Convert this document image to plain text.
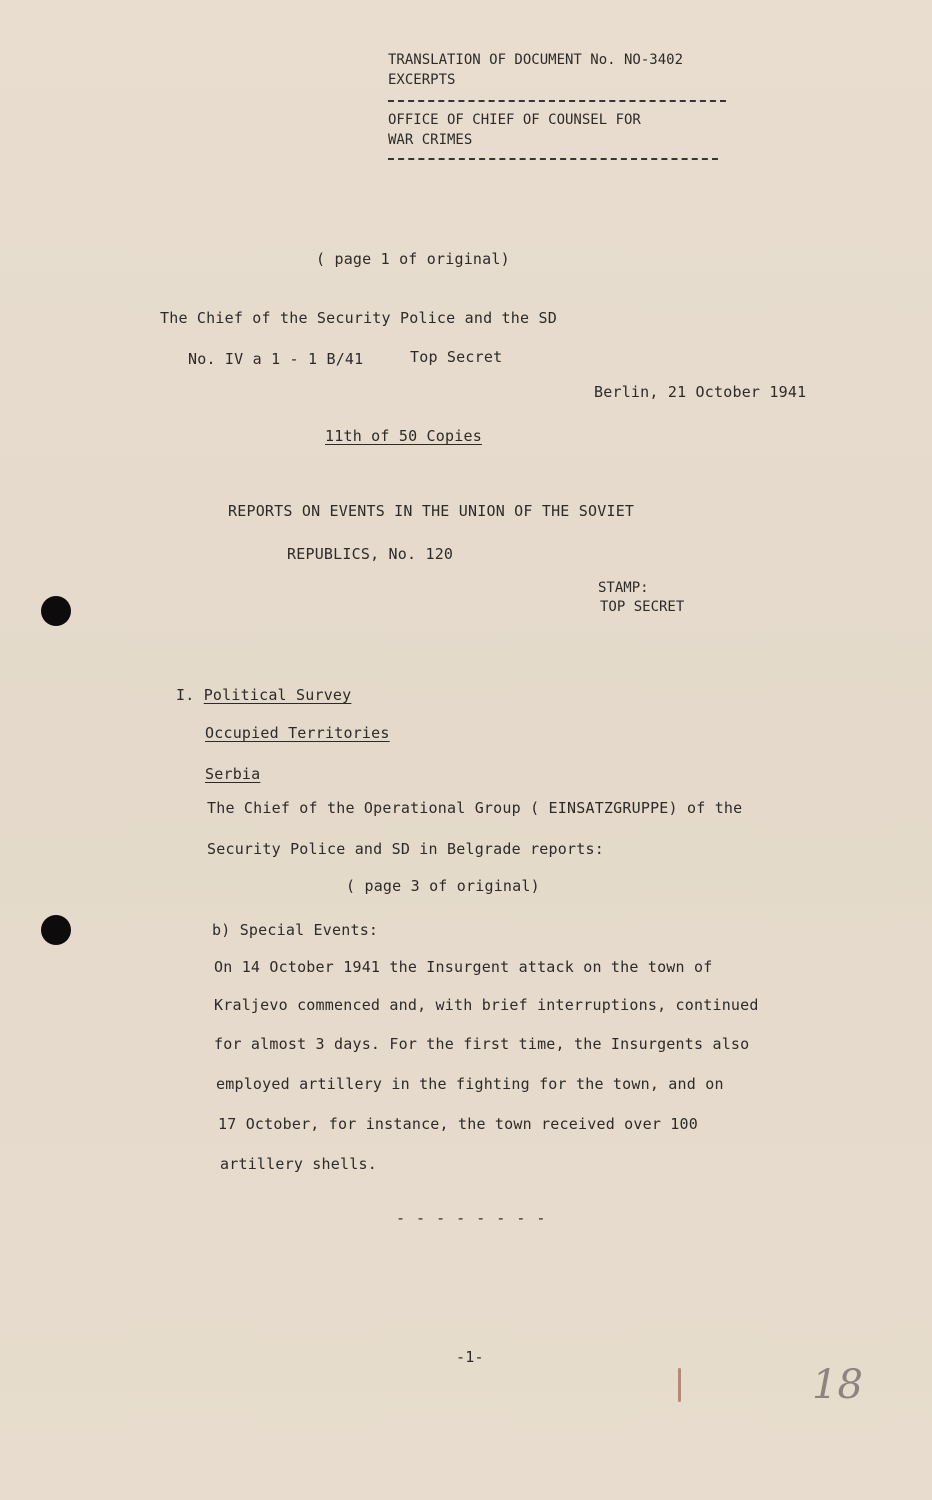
TRANSLATION OF DOCUMENT No. NO-3402
EXCERPTS
OFFICE OF CHIEF OF COUNSEL FOR
WAR CRIMES
( page 1 of original)
The Chief of the Security Police and the SD
No. IV a 1 - 1 B/41	Top Secret
Berlin, 21 October 1941
11th of 50 Copies
REPORTS ON EVENTS IN THE UNION OF THE SOVIET
REPUBLICS, No. 120
STAMP:
TOP SECRET
I. Political Survey
Occupied Territories
Serbia
The Chief of the Operational Group ( EINSATZGRUPPE) of the
Security Police and SD in Belgrade reports:
( page 3 of original)
b) Special Events:
On 14 October 1941 the Insurgent attack on the town of
Kraljevo commenced and, with brief interruptions, continued
for almost 3 days. For the first time, the Insurgents also
employed artillery in the fighting for the town, and on
17 October, for instance, the town received over 100
artillery shells.
- - - - - - - -
-1-
18
